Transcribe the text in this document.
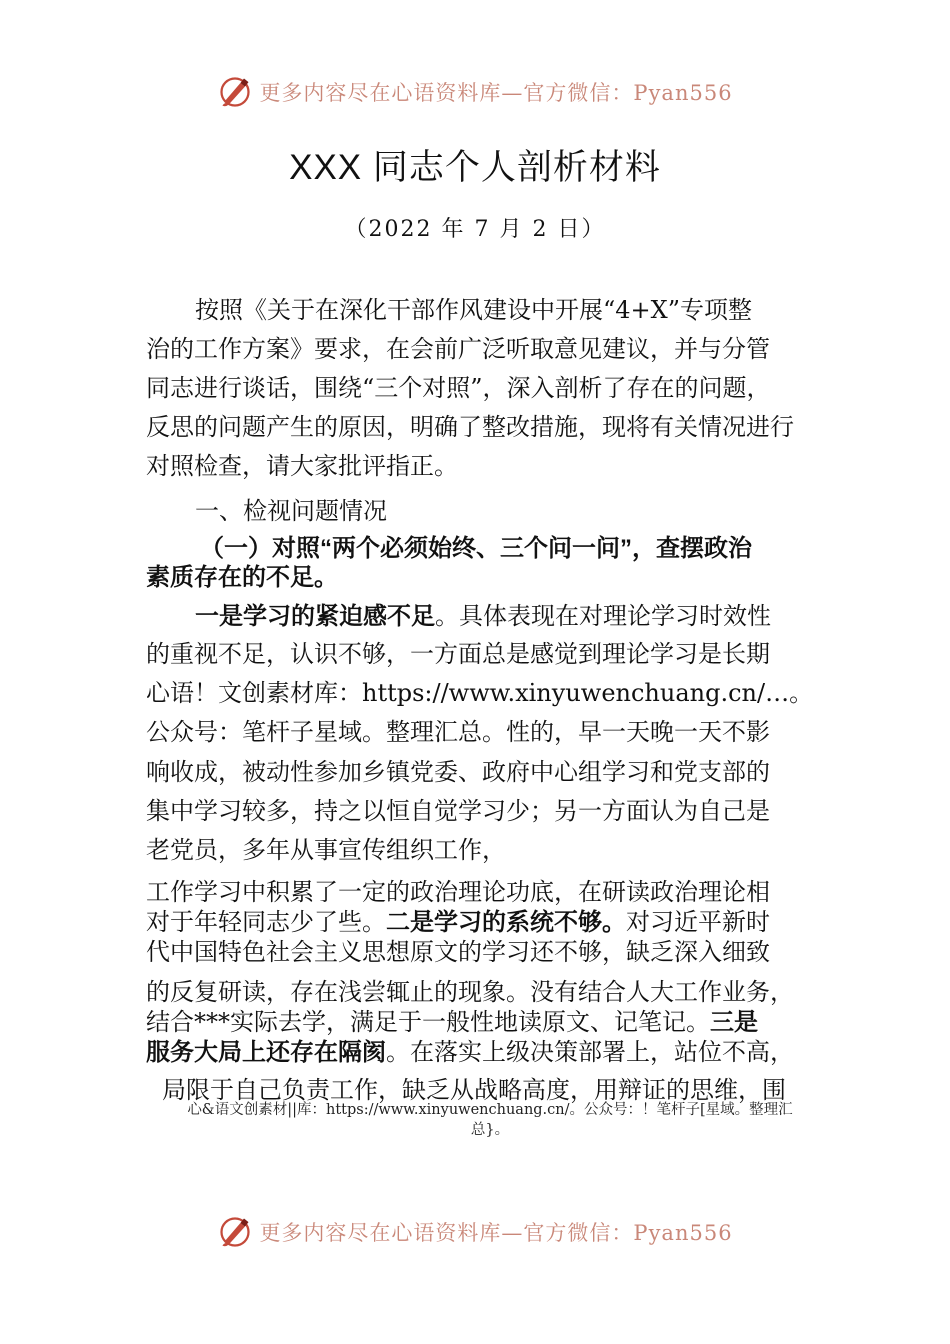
更多内容尽在心语资料库—官方微信：Pyan556
XXX 同志个人剖析材料
（2022 年 7 月 2 日）
按照《关于在深化干部作风建设中开展“4+X”专项整
治的工作方案》要求，在会前广泛听取意见建议，并与分管
同志进行谈话，围绕“三个对照”，深入剖析了存在的问题，
反思的问题产生的原因，明确了整改措施，现将有关情况进行
对照检查，请大家批评指正。
一、检视问题情况
（一）对照“两个必须始终、三个问一问”，查摆政治
素质存在的不足。
一是学习的紧迫感不足。具体表现在对理论学习时效性
的重视不足，认识不够，一方面总是感觉到理论学习是长期
心语！文创素材库：https://www.xinyuwenchuang.cn/…。
公众号：笔杆子星域。整理汇总。性的，早一天晚一天不影
响收成，被动性参加乡镇党委、政府中心组学习和党支部的
集中学习较多，持之以恒自觉学习少；另一方面认为自己是
老党员，多年从事宣传组织工作，
工作学习中积累了一定的政治理论功底，在研读政治理论相
对于年轻同志少了些。二是学习的系统不够。对习近平新时
代中国特色社会主义思想原文的学习还不够，缺乏深入细致
的反复研读，存在浅尝辄止的现象。没有结合人大工作业务，
结合***实际去学，满足于一般性地读原文、记笔记。三是
服务大局上还存在隔阂。在落实上级决策部署上，站位不高，
局限于自己负责工作，缺乏从战略高度，用辩证的思维，围
心&语文创素材||库：https://www.xinyuwenchuang.cn/。公众号：！笔杆子[星域。整理汇
总}。
更多内容尽在心语资料库—官方微信：Pyan556
